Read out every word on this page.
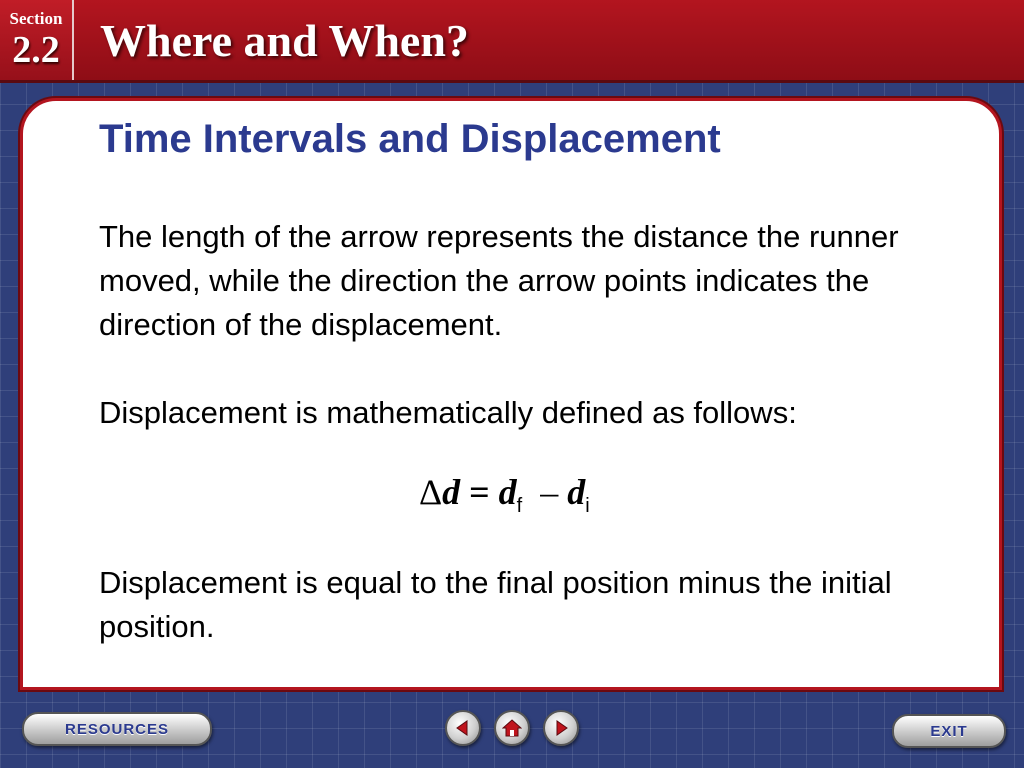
Section
2.2 Where and When?
Time Intervals and Displacement

The length of the arrow represents the distance the runner moved, while the direction the arrow points indicates the direction of the displacement.

Displacement is mathematically defined as follows:

$\Delta d = d_f - d_i$

Displacement is equal to the final position minus the initial position.

RESOURCES	EXIT
